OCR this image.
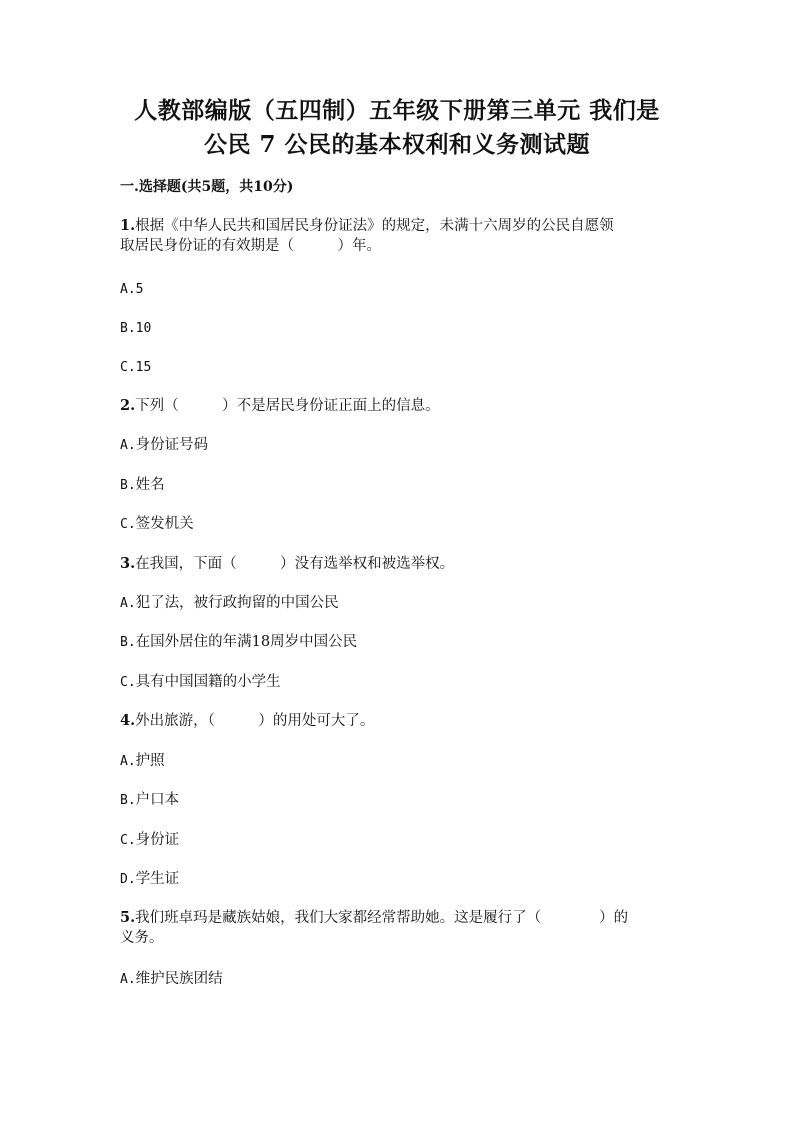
人教部编版（五四制）五年级下册第三单元 我们是
公民 7 公民的基本权利和义务测试题
一.选择题(共5题，共10分)
1.根据《中华人民共和国居民身份证法》的规定，未满十六周岁的公民自愿领
取居民身份证的有效期是（　　　）年。
A.5
B.10
C.15
2.下列（　　　）不是居民身份证正面上的信息。
A.身份证号码
B.姓名
C.签发机关
3.在我国，下面（　　　）没有选举权和被选举权。
A.犯了法，被行政拘留的中国公民
B.在国外居住的年满18周岁中国公民
C.具有中国国籍的小学生
4.外出旅游，（　　　）的用处可大了。
A.护照
B.户口本
C.身份证
D.学生证
5.我们班卓玛是藏族姑娘，我们大家都经常帮助她。这是履行了（　　　　）的
义务。
A.维护民族团结
